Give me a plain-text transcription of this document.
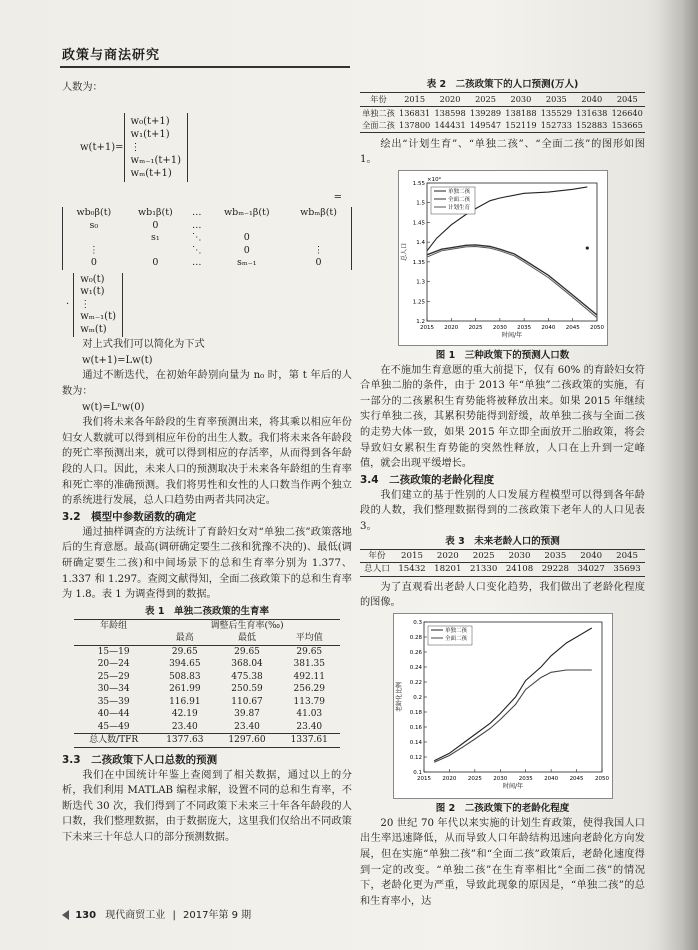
政策与商法研究
人数为：
w(t+1)=
w₀(t+1)
w₁(t+1)
⋮
wₘ₋₁(t+1)
wₘ(t+1)
=
wb₀β(t)	wb₁β(t)	…	wbₘ₋₁β(t)	wbₘβ(t)
s₀	0	…		
	s₁	⋱	0	
⋮		⋱	0	⋮
0	0	…	sₘ₋₁	0
·
w₀(t)
w₁(t)
⋮
wₘ₋₁(t)
wₘ(t)

对上式我们可以简化为下式

w(t+1)=Lw(t)

通过不断迭代，在初始年龄别向量为 n₀ 时，第 t 年后的人数为：

w(t)=Lⁿw(0)

我们将未来各年龄段的生育率预测出来，将其乘以相应年份妇女人数就可以得到相应年份的出生人数。我们将未来各年龄段的死亡率预测出来，就可以得到相应的存活率，从而得到各年龄段的人口。因此，未来人口的预测取决于未来各年龄组的生育率和死亡率的准确预测。我们将男性和女性的人口数当作两个独立的系统进行发展，总人口趋势由两者共同决定。

3.2　模型中参数函数的确定

通过抽样调查的方法统计了育龄妇女对“单独二孩”政策落地后的生育意愿。最高(调研确定要生二孩和犹豫不决的)、最低(调研确定要生二孩)和中间场景下的总和生育率分别为 1.377、1.337 和 1.297。查阅文献得知，全面二孩政策下的总和生育率为 1.8。表 1 为调查得到的数据。

表 1　单独二孩政策的生育率
年龄组	调整后生育率(‰)		
	最高	最低	平均值
15—19	29.65	29.65	29.65
20—24	394.65	368.04	381.35
25—29	508.83	475.38	492.11
30—34	261.99	250.59	256.29
35—39	116.91	110.67	113.79
40—44	42.19	39.87	41.03
45—49	23.40	23.40	23.40
总人数/TFR	1377.63	1297.60	1337.61
3.3　二孩政策下人口总数的预测

我们在中国统计年鉴上查阅到了相关数据，通过以上的分析，我们利用 MATLAB 编程求解，设置不同的总和生育率，不断迭代 30 次，我们得到了不同政策下未来三十年各年龄段的人口数，我们整理数据，由于数据庞大，这里我们仅给出不同政策下未来三十年总人口的部分预测数据。

表 2　二孩政策下的人口预测(万人)
年份	2015	2020	2025	2030	2035	2040	2045
单独二孩	136831	138598	139289	138188	135529	131638	126640
全面二孩	137800	144431	149547	152119	152733	152883	153665

绘出“计划生育”、“单独二孩”、“全面二孩”的图形如图 1。

2015 2020 2025 2030 2035 2040 2045 2050
1.2
1.25
1.3
1.35
1.4
1.45
1.5
1.55
时间/年
总人口
×10⁹
单独二孩
全面二孩
计划生育
图 1　三种政策下的预测人口数

在不施加生育意愿的重大前提下，仅有 60% 的育龄妇女符合单独二胎的条件，由于 2013 年“单独”二孩政策的实施，有一部分的二孩累积生育势能将被释放出来。如果 2015 年继续实行单独二孩，其累积势能得到舒缓，故单独二孩与全面二孩的走势大体一致，如果 2015 年立即全面放开二胎政策，将会导致妇女累积生育势能的突然性释放，人口在上升到一定峰值，就会出现平缓增长。

3.4　二孩政策的老龄化程度

我们建立的基于性别的人口发展方程模型可以得到各年龄段的人数，我们整理数据得到的二孩政策下老年人的人口见表 3。

表 3　未来老龄人口的预测
年份	2015	2020	2025	2030	2035	2040	2045
总人口	15432	18201	21330	24108	29228	34027	35693

为了直观看出老龄人口变化趋势，我们做出了老龄化程度的图像。

2015 2020 2025 2030 2035 2040 2045 2050
0.1
0.12
0.14
0.16
0.18
0.2
0.22
0.24
0.26
0.28
0.3
时间/年
老龄化比例
单独二孩
全面二孩
图 2　二孩政策下的老龄化程度

20 世纪 70 年代以来实施的计划生育政策，使得我国人口出生率迅速降低，从而导致人口年龄结构迅速向老龄化方向发展，但在实施“单独二孩”和“全面二孩”政策后，老龄化速度得到一定的改变。“单独二孩”在生育率相比“全面二孩”的情况下，老龄化更为严重，导致此现象的原因是，“单独二孩”的总和生育率小，达

130 现代商贸工业 | 2017年第 9 期
